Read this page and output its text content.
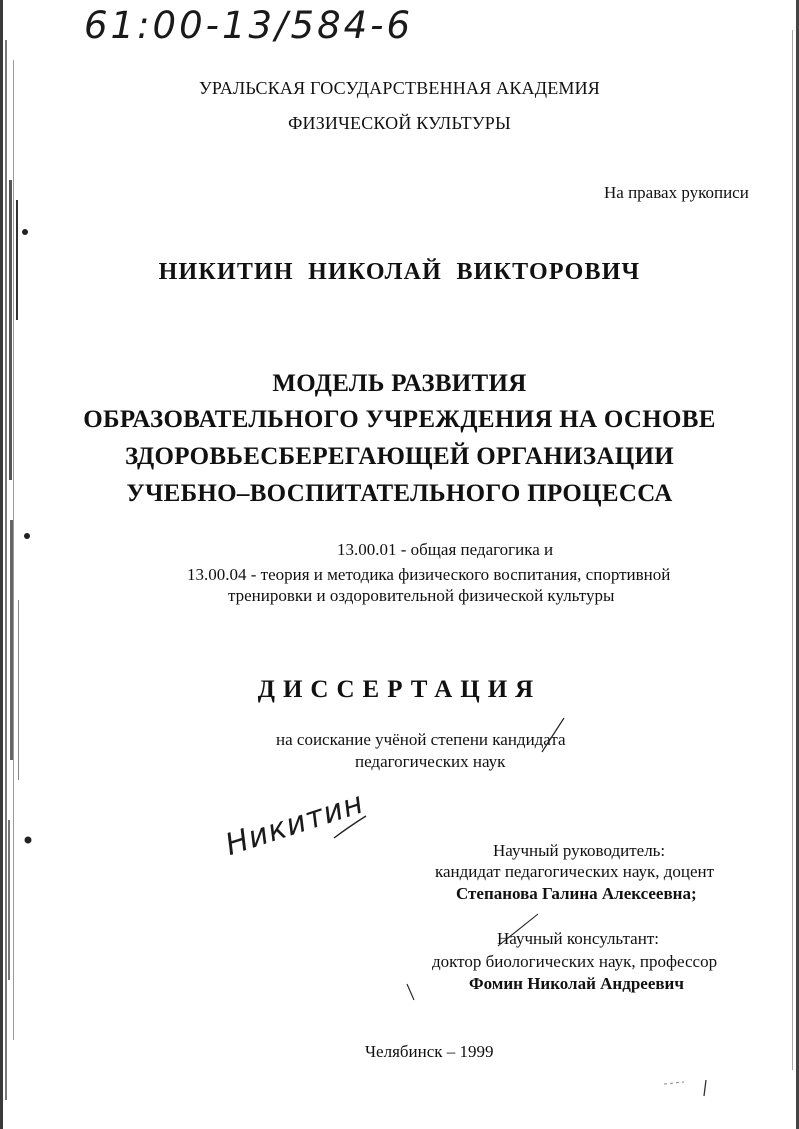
61:00-13/584-6
УРАЛЬСКАЯ ГОСУДАРСТВЕННАЯ АКАДЕМИЯ
ФИЗИЧЕСКОЙ КУЛЬТУРЫ
На правах рукописи
НИКИТИН  НИКОЛАЙ  ВИКТОРОВИЧ
МОДЕЛЬ РАЗВИТИЯ
ОБРАЗОВАТЕЛЬНОГО УЧРЕЖДЕНИЯ НА ОСНОВЕ
ЗДОРОВЬЕСБЕРЕГАЮЩЕЙ ОРГАНИЗАЦИИ
УЧЕБНО–ВОСПИТАТЕЛЬНОГО ПРОЦЕССА
13.00.01 - общая педагогика и
13.00.04 - теория и методика физического воспитания, спортивной
тренировки и оздоровительной физической культуры
ДИССЕРТАЦИЯ
на соискание учёной степени кандидата
педагогических наук
Никитин	Научный руководитель:
кандидат педагогических наук, доцент
Степанова Галина Алексеевна;
Научный консультант:
доктор биологических наук, профессор
Фомин Николай Андреевич
Челябинск – 1999
